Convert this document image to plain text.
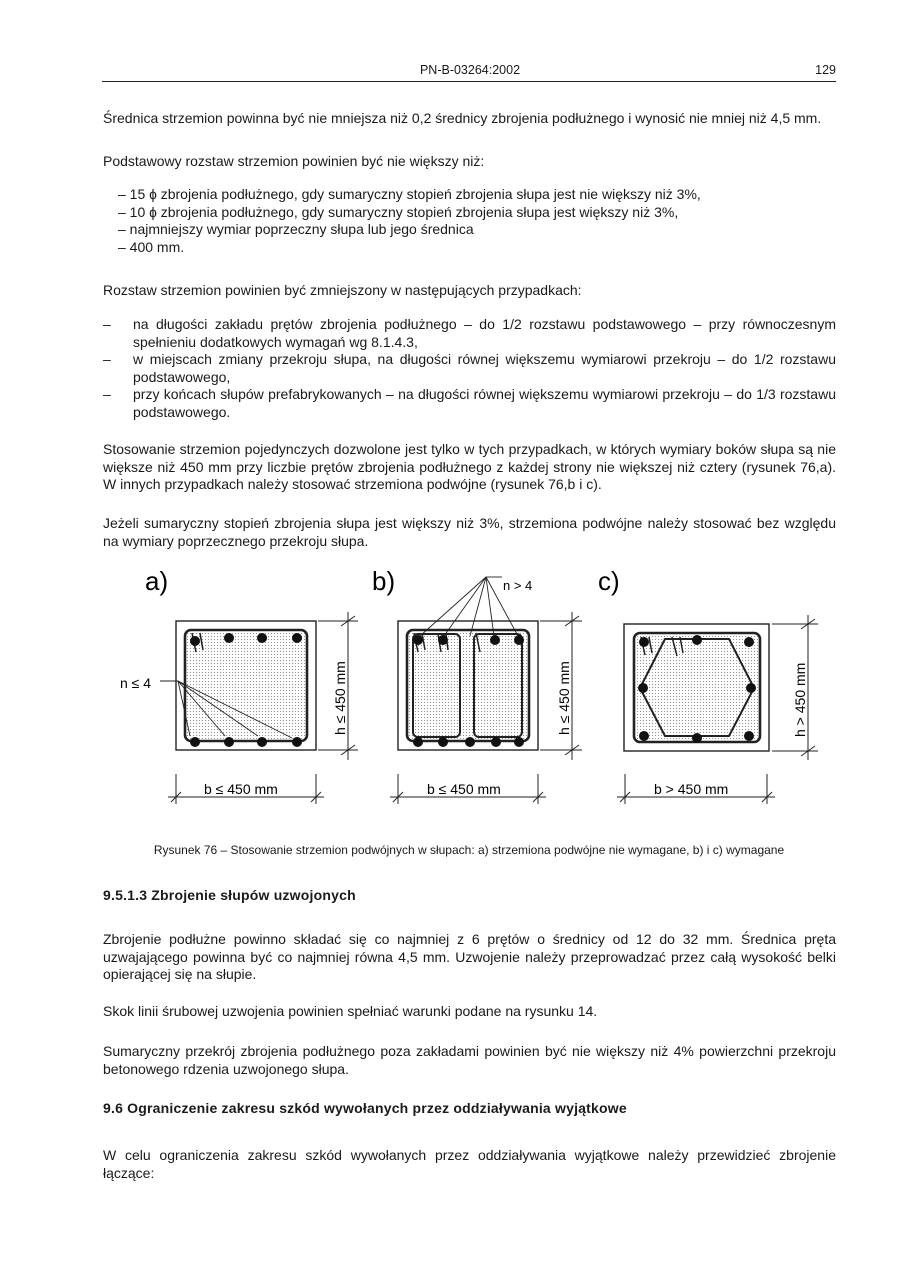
PN-B-03264:2002	129

Średnica strzemion powinna być nie mniejsza niż 0,2 średnicy zbrojenia podłużnego i wynosić nie mniej niż 4,5 mm.

Podstawowy rozstaw strzemion powinien być nie większy niż:

– 15 ɸ zbrojenia podłużnego, gdy sumaryczny stopień zbrojenia słupa jest nie większy niż 3%,
– 10 ɸ zbrojenia podłużnego, gdy sumaryczny stopień zbrojenia słupa jest większy niż 3%,
– najmniejszy wymiar poprzeczny słupa lub jego średnica
– 400 mm.

Rozstaw strzemion powinien być zmniejszony w następujących przypadkach:

– na długości zakładu prętów zbrojenia podłużnego – do 1/2 rozstawu podstawowego – przy równoczesnym spełnieniu dodatkowych wymagań wg 8.1.4.3,
– w miejscach zmiany przekroju słupa, na długości równej większemu wymiarowi przekroju – do 1/2 rozstawu podstawowego,
– przy końcach słupów prefabrykowanych – na długości równej większemu wymiarowi przekroju – do 1/3 rozstawu podstawowego.

Stosowanie strzemion pojedynczych dozwolone jest tylko w tych przypadkach, w których wymiary boków słupa są nie większe niż 450 mm przy liczbie prętów zbrojenia podłużnego z każdej strony nie większej niż cztery (rysunek 76,a). W innych przypadkach należy stosować strzemiona podwójne (rysunek 76,b i c).

Jeżeli sumaryczny stopień zbrojenia słupa jest większy niż 3%, strzemiona podwójne należy stosować bez względu na wymiary poprzecznego przekroju słupa.

a)	b)	c)
n ≤ 4	h ≤ 450 mm
b ≤ 450 mm
n > 4
h ≤ 450 mm
b ≤ 450 mm
h > 450 mm
b > 450 mm
Rysunek 76 – Stosowanie strzemion podwójnych w słupach: a) strzemiona podwójne nie wymagane, b) i c) wymagane
9.5.1.3 Zbrojenie słupów uzwojonych

Zbrojenie podłużne powinno składać się co najmniej z 6 prętów o średnicy od 12 do 32 mm. Średnica pręta uzwajającego powinna być co najmniej równa 4,5 mm. Uzwojenie należy przeprowadzać przez całą wysokość belki opierającej się na słupie.

Skok linii śrubowej uzwojenia powinien spełniać warunki podane na rysunku 14.

Sumaryczny przekrój zbrojenia podłużnego poza zakładami powinien być nie większy niż 4% powierzchni przekroju betonowego rdzenia uzwojonego słupa.

9.6 Ograniczenie zakresu szkód wywołanych przez oddziaływania wyjątkowe

W celu ograniczenia zakresu szkód wywołanych przez oddziaływania wyjątkowe należy przewidzieć zbrojenie łączące:
